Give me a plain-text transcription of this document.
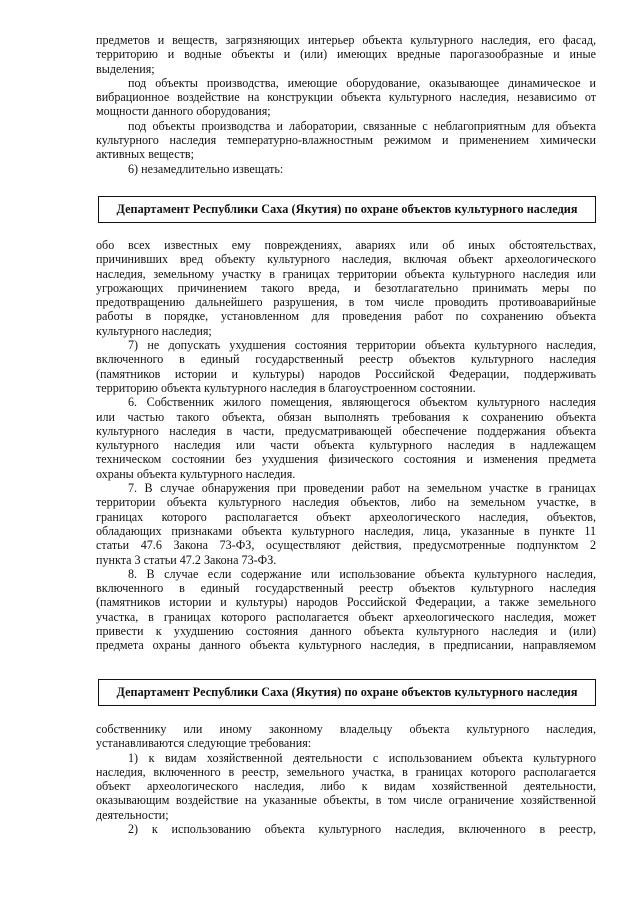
предметов и веществ, загрязняющих интерьер объекта культурного наследия, его фасад,

территорию и водные объекты и (или) имеющих вредные парогазообразные и иные

выделения;

под объекты производства, имеющие оборудование, оказывающее динамическое и

вибрационное воздействие на конструкции объекта культурного наследия, независимо от

мощности данного оборудования;

под объекты производства и лаборатории, связанные с неблагоприятным для объекта

культурного наследия температурно-влажностным режимом и применением химически

активных веществ;

6) незамедлительно извещать:

Департамент Республики Саха (Якутия) по охране объектов культурного наследия

обо всех известных ему повреждениях, авариях или об иных обстоятельствах,

причинивших вред объекту культурного наследия, включая объект археологического

наследия, земельному участку в границах территории объекта культурного наследия или

угрожающих причинением такого вреда, и безотлагательно принимать меры по

предотвращению дальнейшего разрушения, в том числе проводить противоаварийные

работы в порядке, установленном для проведения работ по сохранению объекта

культурного наследия;

7) не допускать ухудшения состояния территории объекта культурного наследия,

включенного в единый государственный реестр объектов культурного наследия

(памятников истории и культуры) народов Российской Федерации, поддерживать

территорию объекта культурного наследия в благоустроенном состоянии.

6. Собственник жилого помещения, являющегося объектом культурного наследия

или частью такого объекта, обязан выполнять требования к сохранению объекта

культурного наследия в части, предусматривающей обеспечение поддержания объекта

культурного наследия или части объекта культурного наследия в надлежащем

техническом состоянии без ухудшения физического состояния и изменения предмета

охраны объекта культурного наследия.

7. В случае обнаружения при проведении работ на земельном участке в границах

территории объекта культурного наследия объектов, либо на земельном участке, в

границах которого располагается объект археологического наследия, объектов,

обладающих признаками объекта культурного наследия, лица, указанные в пункте 11

статьи 47.6 Закона 73-ФЗ, осуществляют действия, предусмотренные подпунктом 2

пункта 3 статьи 47.2 Закона 73-ФЗ.

8. В случае если содержание или использование объекта культурного наследия,

включенного в единый государственный реестр объектов культурного наследия

(памятников истории и культуры) народов Российской Федерации, а также земельного

участка, в границах которого располагается объект археологического наследия, может

привести к ухудшению состояния данного объекта культурного наследия и (или)

предмета охраны данного объекта культурного наследия, в предписании, направляемом

Департамент Республики Саха (Якутия) по охране объектов культурного наследия

собственнику или иному законному владельцу объекта культурного наследия,

устанавливаются следующие требования:

1) к видам хозяйственной деятельности с использованием объекта культурного

наследия, включенного в реестр, земельного участка, в границах которого располагается

объект археологического наследия, либо к видам хозяйственной деятельности,

оказывающим воздействие на указанные объекты, в том числе ограничение хозяйственной

деятельности;

2) к использованию объекта культурного наследия, включенного в реестр,
